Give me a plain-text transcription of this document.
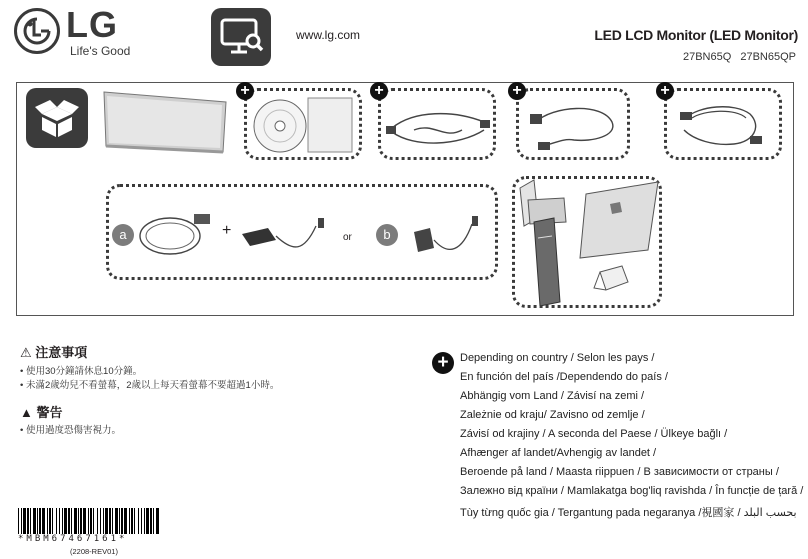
LG
Life's Good
www.lg.com	LED LCD Monitor (LED Monitor)
27BN65Q 27BN65QP
+	+	+	+
a	+	or	b
⚠ 注意事項
• 使用30分鐘請休息10分鐘。
• 未滿2歲幼兒不看螢幕，2歲以上每天看螢幕不要超過1小時。
▲ 警告
• 使用過度恐傷害視力。
+	Depending on country / Selon les pays /
En función del país /Dependendo do país /
Abhängig vom Land / Závisí na zemi /
Zależnie od kraju/ Zavisno od zemlje /
Závisí od krajiny / A seconda del Paese / Ülkeye bağlı /
Afhænger af landet/Avhengig av landet /
Beroende på land / Maasta riippuen / В зависимости от страны /
Залежно від країни / Mamlakatga bog'liq ravishda / În funcție de țară /
Tùy từng quốc gia / Tergantung pada negaranya /視國家 / بحسب البلد
*MBM67467161*
(2208-REV01)
